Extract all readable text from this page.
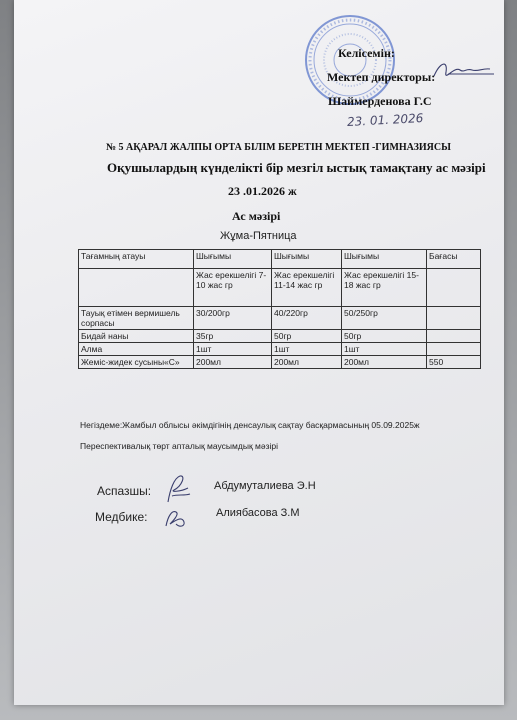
Келісемін:
Мектеп директоры:
Шаймерденова Г.С
23. 01. 2026
№ 5 АҚАРАЛ ЖАЛПЫ ОРТА БІЛІМ БЕРЕТІН МЕКТЕП -ГИМНАЗИЯСЫ
Оқушылардың күнделікті бір мезгіл ыстық тамақтану ас мәзірі
23 .01.2026 ж
Ас мәзірі
Жұма-Пятница
Тағамның атауы	Шығымы	Шығымы	Шығымы	Бағасы
	Жас ерекшелігі 7-10 жас гр	Жас ерекшелігі 11-14 жас гр	Жас ерекшелігі 15-18 жас гр	
Тауық етімен вермишель сорпасы	30/200гр	40/220гр	50/250гр	
Бидай наны	35гр	50гр	50гр	
Алма	1шт	1шт	1шт	
Жеміс-жидек сусыны«С»	200мл	200мл	200мл	550
Негіздеме:Жамбыл облысы әкімдігінің денсаулық сақтау басқармасының 05.09.2025ж
Переспективалық төрт апталық маусымдық мәзірі
Аспазшы:	Абдумуталиева Э.Н
Медбике:	Алиябасова З.М
